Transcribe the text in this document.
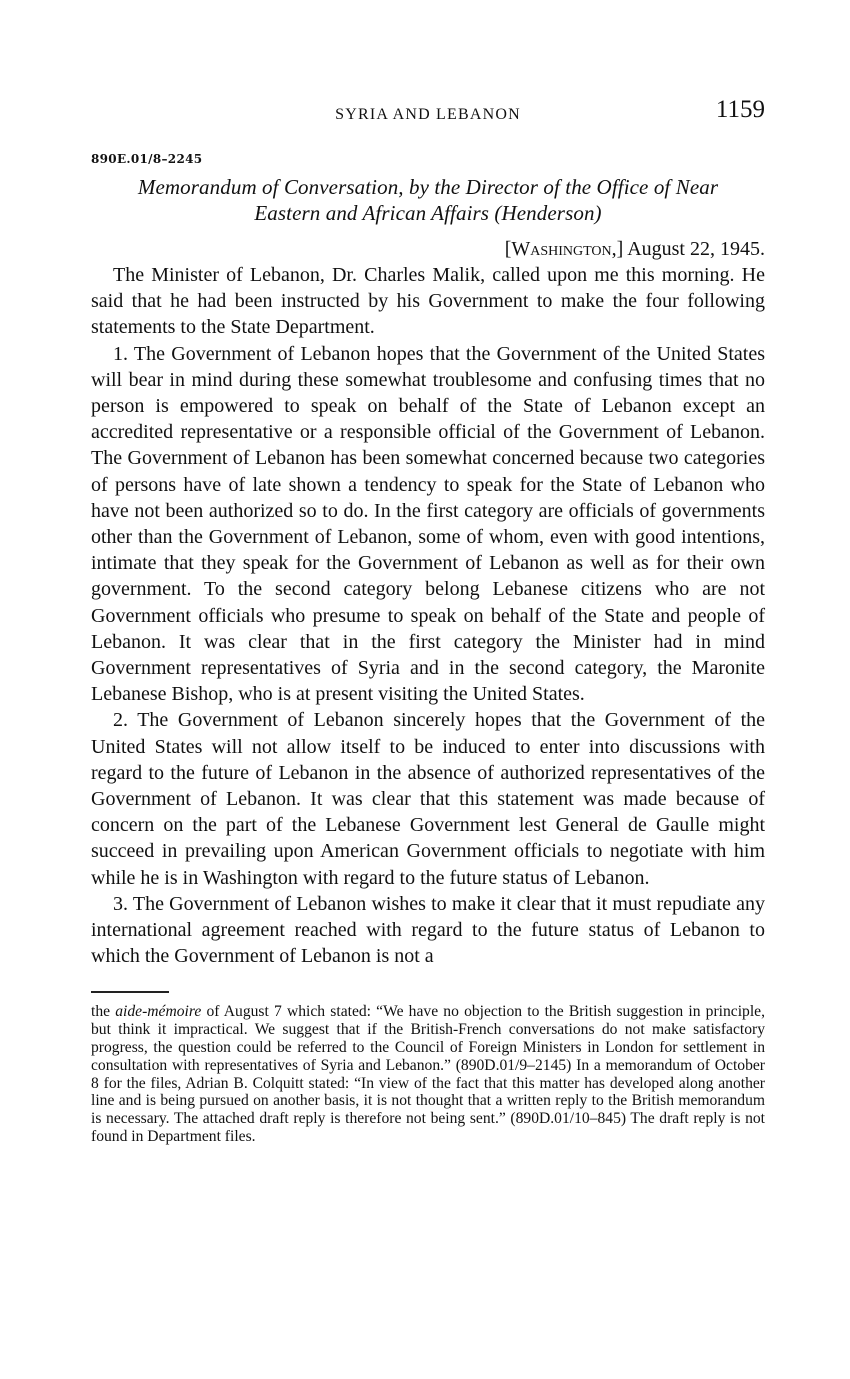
SYRIA AND LEBANON	1159
890E.01/8–2245
Memorandum of Conversation, by the Director of the Office of Near
Eastern and African Affairs (Henderson)
[Washington,] August 22, 1945.

The Minister of Lebanon, Dr. Charles Malik, called upon me this morning. He said that he had been instructed by his Government to make the four following statements to the State Department.

1. The Government of Lebanon hopes that the Government of the United States will bear in mind during these somewhat troublesome and confusing times that no person is empowered to speak on behalf of the State of Lebanon except an accredited representative or a responsible official of the Government of Lebanon. The Government of Lebanon has been somewhat concerned because two categories of persons have of late shown a tendency to speak for the State of Lebanon who have not been authorized so to do. In the first category are officials of governments other than the Government of Lebanon, some of whom, even with good intentions, intimate that they speak for the Government of Lebanon as well as for their own government. To the second category belong Lebanese citizens who are not Government officials who presume to speak on behalf of the State and people of Lebanon. It was clear that in the first category the Minister had in mind Government representatives of Syria and in the second category, the Maronite Lebanese Bishop, who is at present visiting the United States.

2. The Government of Lebanon sincerely hopes that the Government of the United States will not allow itself to be induced to enter into discussions with regard to the future of Lebanon in the absence of authorized representatives of the Government of Lebanon. It was clear that this statement was made because of concern on the part of the Lebanese Government lest General de Gaulle might succeed in prevailing upon American Government officials to negotiate with him while he is in Washington with regard to the future status of Lebanon.

3. The Government of Lebanon wishes to make it clear that it must repudiate any international agreement reached with regard to the future status of Lebanon to which the Government of Lebanon is not a

the aide-mémoire of August 7 which stated: “We have no objection to the British suggestion in principle, but think it impractical. We suggest that if the British-French conversations do not make satisfactory progress, the question could be referred to the Council of Foreign Ministers in London for settlement in consultation with representatives of Syria and Lebanon.” (890D.01/9–2145) In a memorandum of October 8 for the files, Adrian B. Colquitt stated: “In view of the fact that this matter has developed along another line and is being pursued on another basis, it is not thought that a written reply to the British memorandum is necessary. The attached draft reply is therefore not being sent.” (890D.01/10–845) The draft reply is not found in Department files.
